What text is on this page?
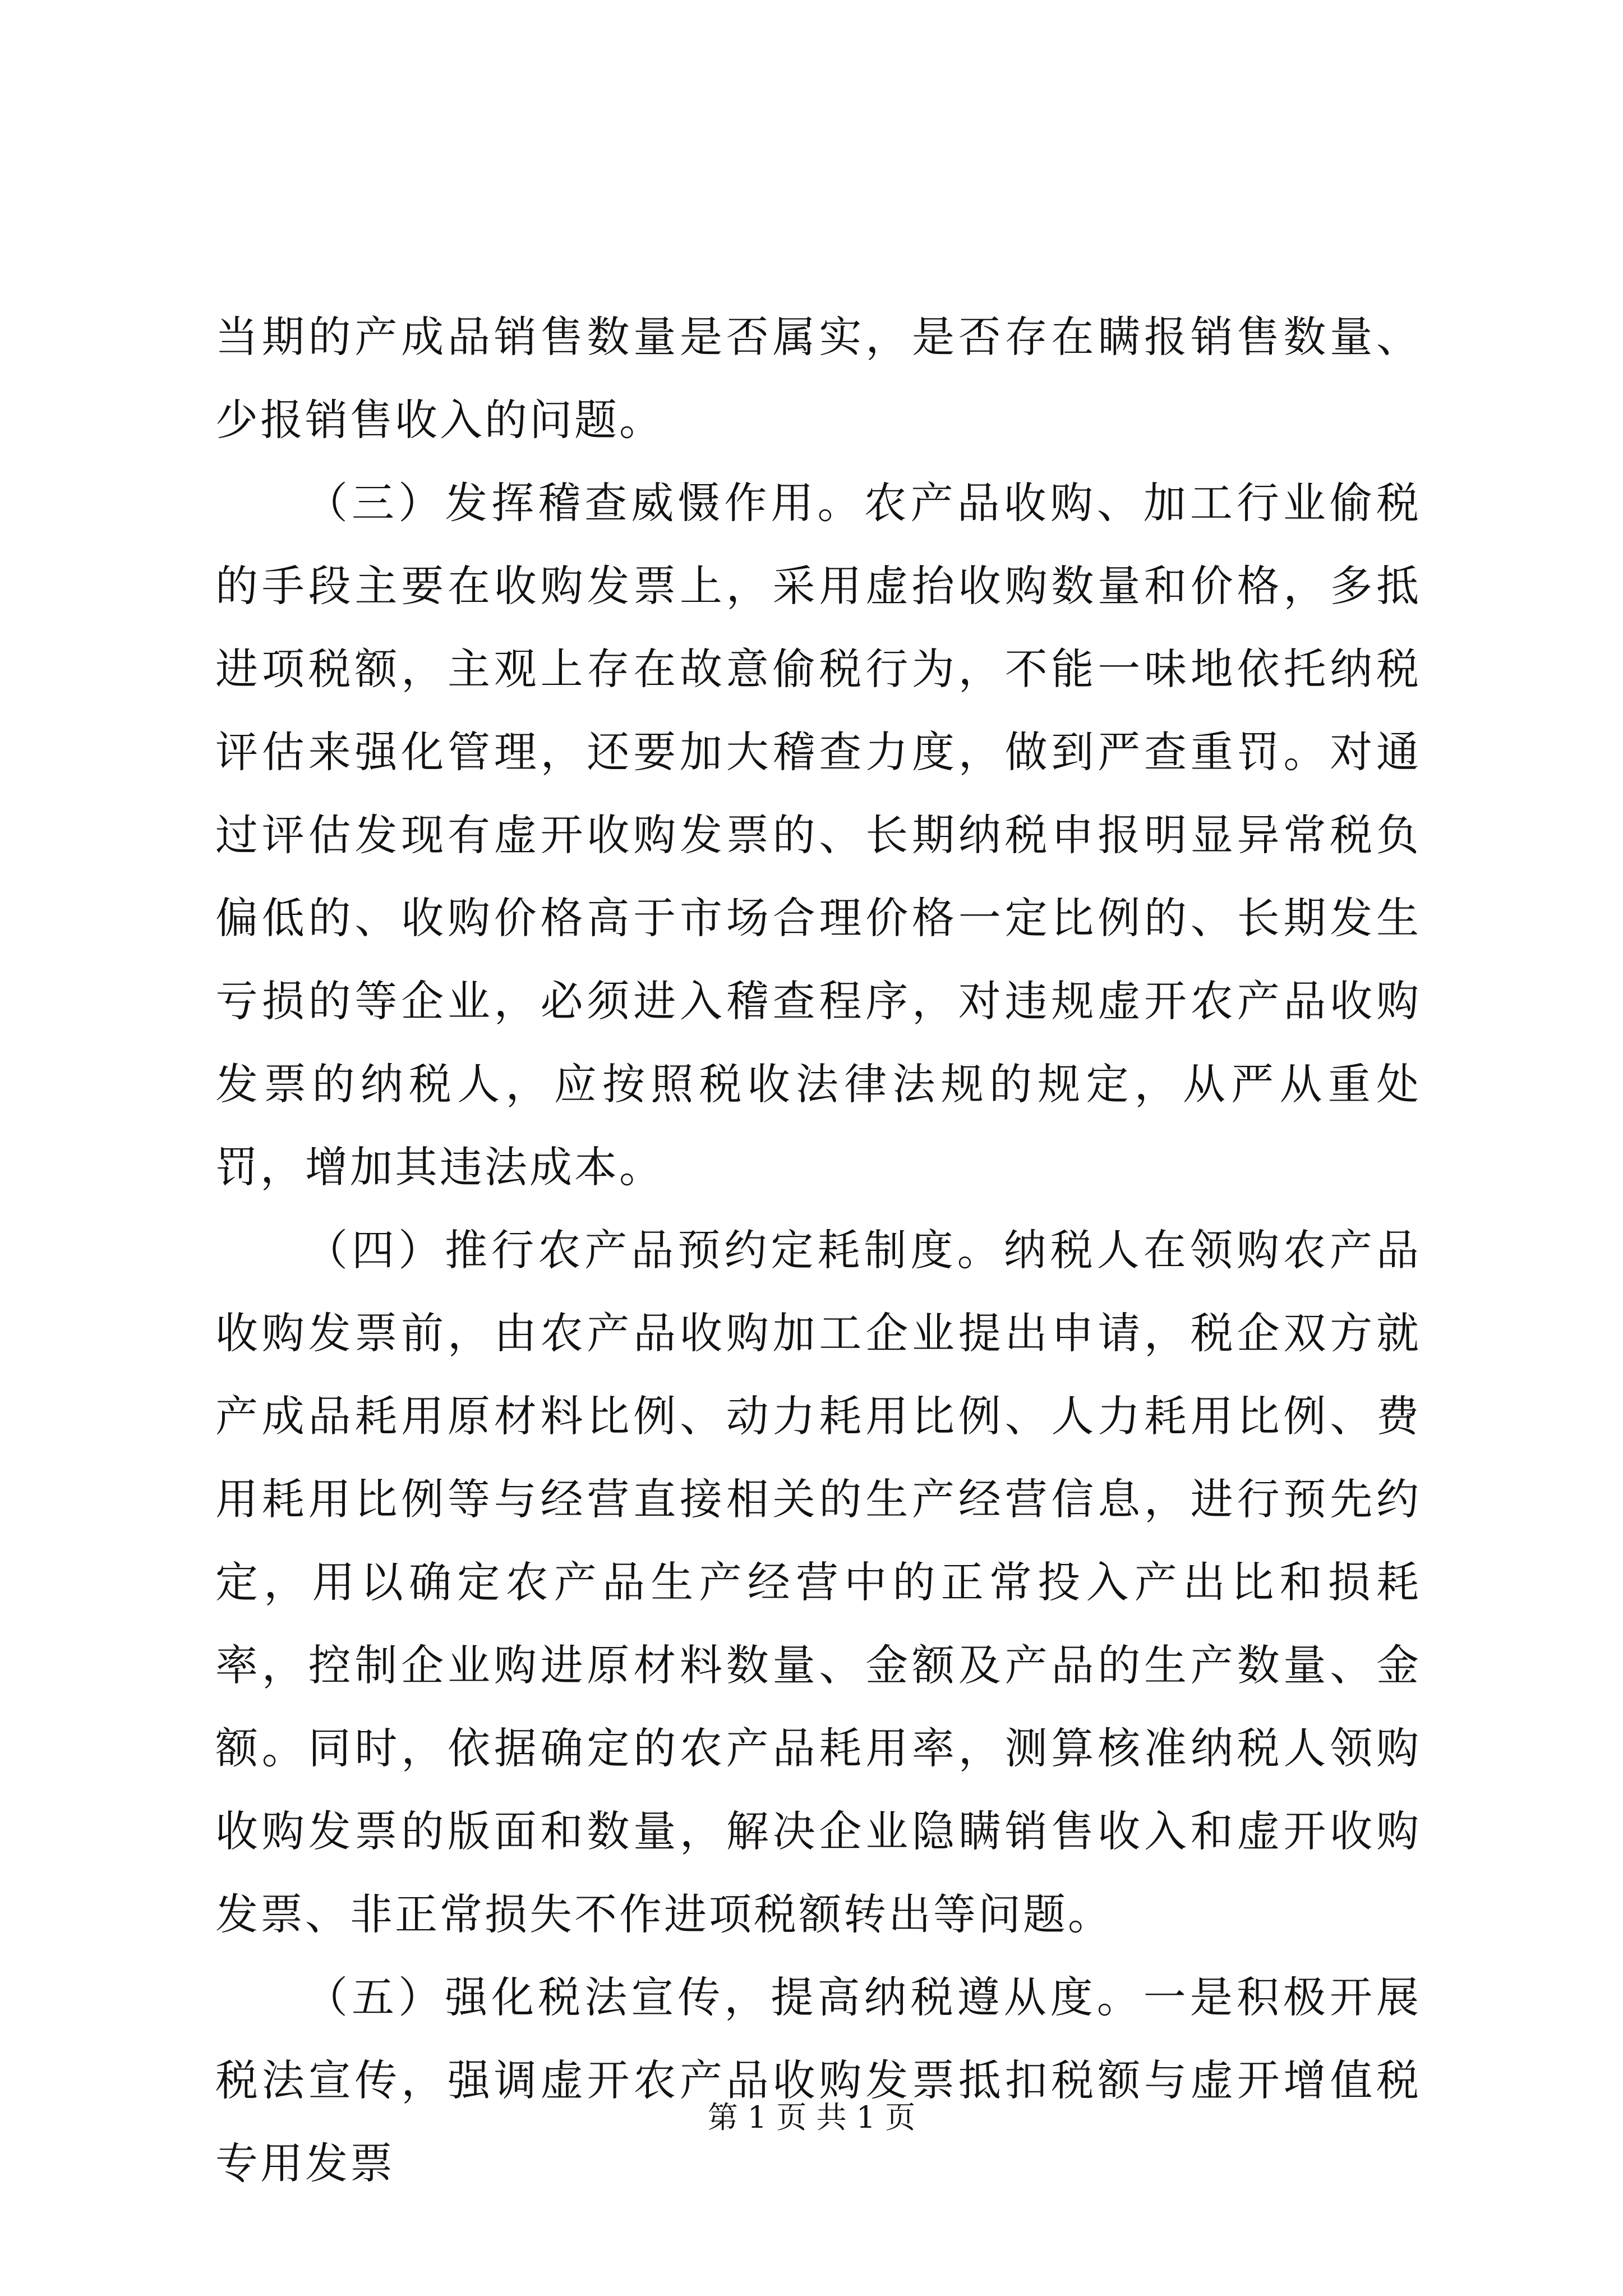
当期的产成品销售数量是否属实，是否存在瞒报销售数量、少报销售收入的问题。

（三）发挥稽查威慑作用。农产品收购、加工行业偷税的手段主要在收购发票上，采用虚抬收购数量和价格，多抵进项税额，主观上存在故意偷税行为，不能一味地依托纳税评估来强化管理，还要加大稽查力度，做到严查重罚。对通过评估发现有虚开收购发票的、长期纳税申报明显异常税负偏低的、收购价格高于市场合理价格一定比例的、长期发生亏损的等企业，必须进入稽查程序，对违规虚开农产品收购发票的纳税人，应按照税收法律法规的规定，从严从重处罚，增加其违法成本。

（四）推行农产品预约定耗制度。纳税人在领购农产品收购发票前，由农产品收购加工企业提出申请，税企双方就产成品耗用原材料比例、动力耗用比例、人力耗用比例、费用耗用比例等与经营直接相关的生产经营信息，进行预先约定，用以确定农产品生产经营中的正常投入产出比和损耗率，控制企业购进原材料数量、金额及产品的生产数量、金额。同时，依据确定的农产品耗用率，测算核准纳税人领购收购发票的版面和数量，解决企业隐瞒销售收入和虚开收购发票、非正常损失不作进项税额转出等问题。

（五）强化税法宣传，提高纳税遵从度。一是积极开展税法宣传，强调虚开农产品收购发票抵扣税额与虚开增值税专用发票

第 1 页 共 1 页
